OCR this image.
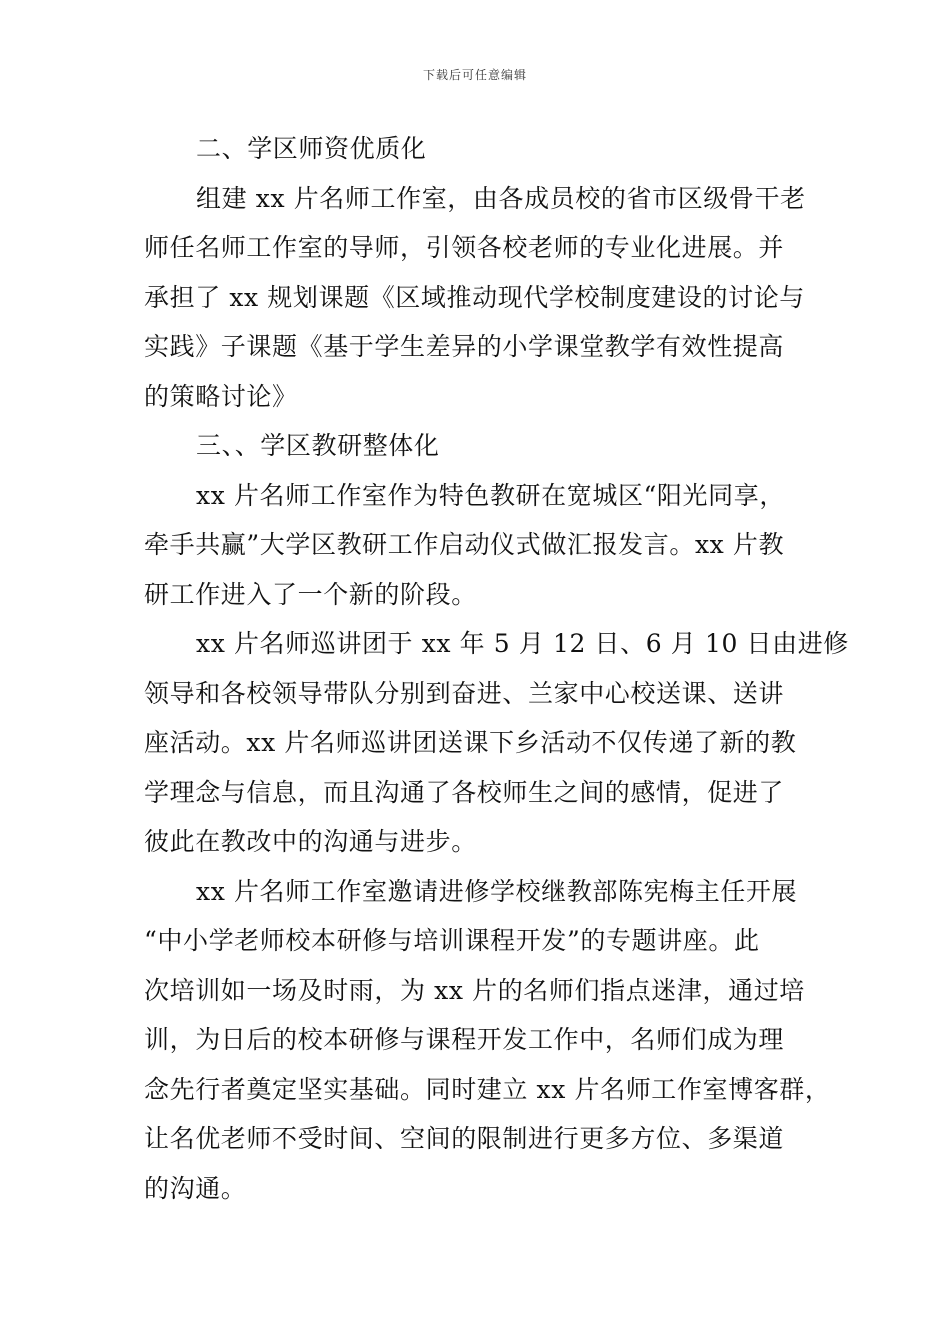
下载后可任意编辑
二、学区师资优质化
组建 xx 片名师工作室，由各成员校的省市区级骨干老
师任名师工作室的导师，引领各校老师的专业化进展。并
承担了 xx 规划课题《区域推动现代学校制度建设的讨论与
实践》子课题《基于学生差异的小学课堂教学有效性提高
的策略讨论》
三、、学区教研整体化
xx 片名师工作室作为特色教研在宽城区“阳光同享，
牵手共赢”大学区教研工作启动仪式做汇报发言。xx 片教
研工作进入了一个新的阶段。
xx 片名师巡讲团于 xx 年 5 月 12 日、6 月 10 日由进修
领导和各校领导带队分别到奋进、兰家中心校送课、送讲
座活动。xx 片名师巡讲团送课下乡活动不仅传递了新的教
学理念与信息，而且沟通了各校师生之间的感情，促进了
彼此在教改中的沟通与进步。
xx 片名师工作室邀请进修学校继教部陈宪梅主任开展
“中小学老师校本研修与培训课程开发”的专题讲座。此
次培训如一场及时雨，为 xx 片的名师们指点迷津，通过培
训，为日后的校本研修与课程开发工作中，名师们成为理
念先行者奠定坚实基础。同时建立 xx 片名师工作室博客群，
让名优老师不受时间、空间的限制进行更多方位、多渠道
的沟通。
